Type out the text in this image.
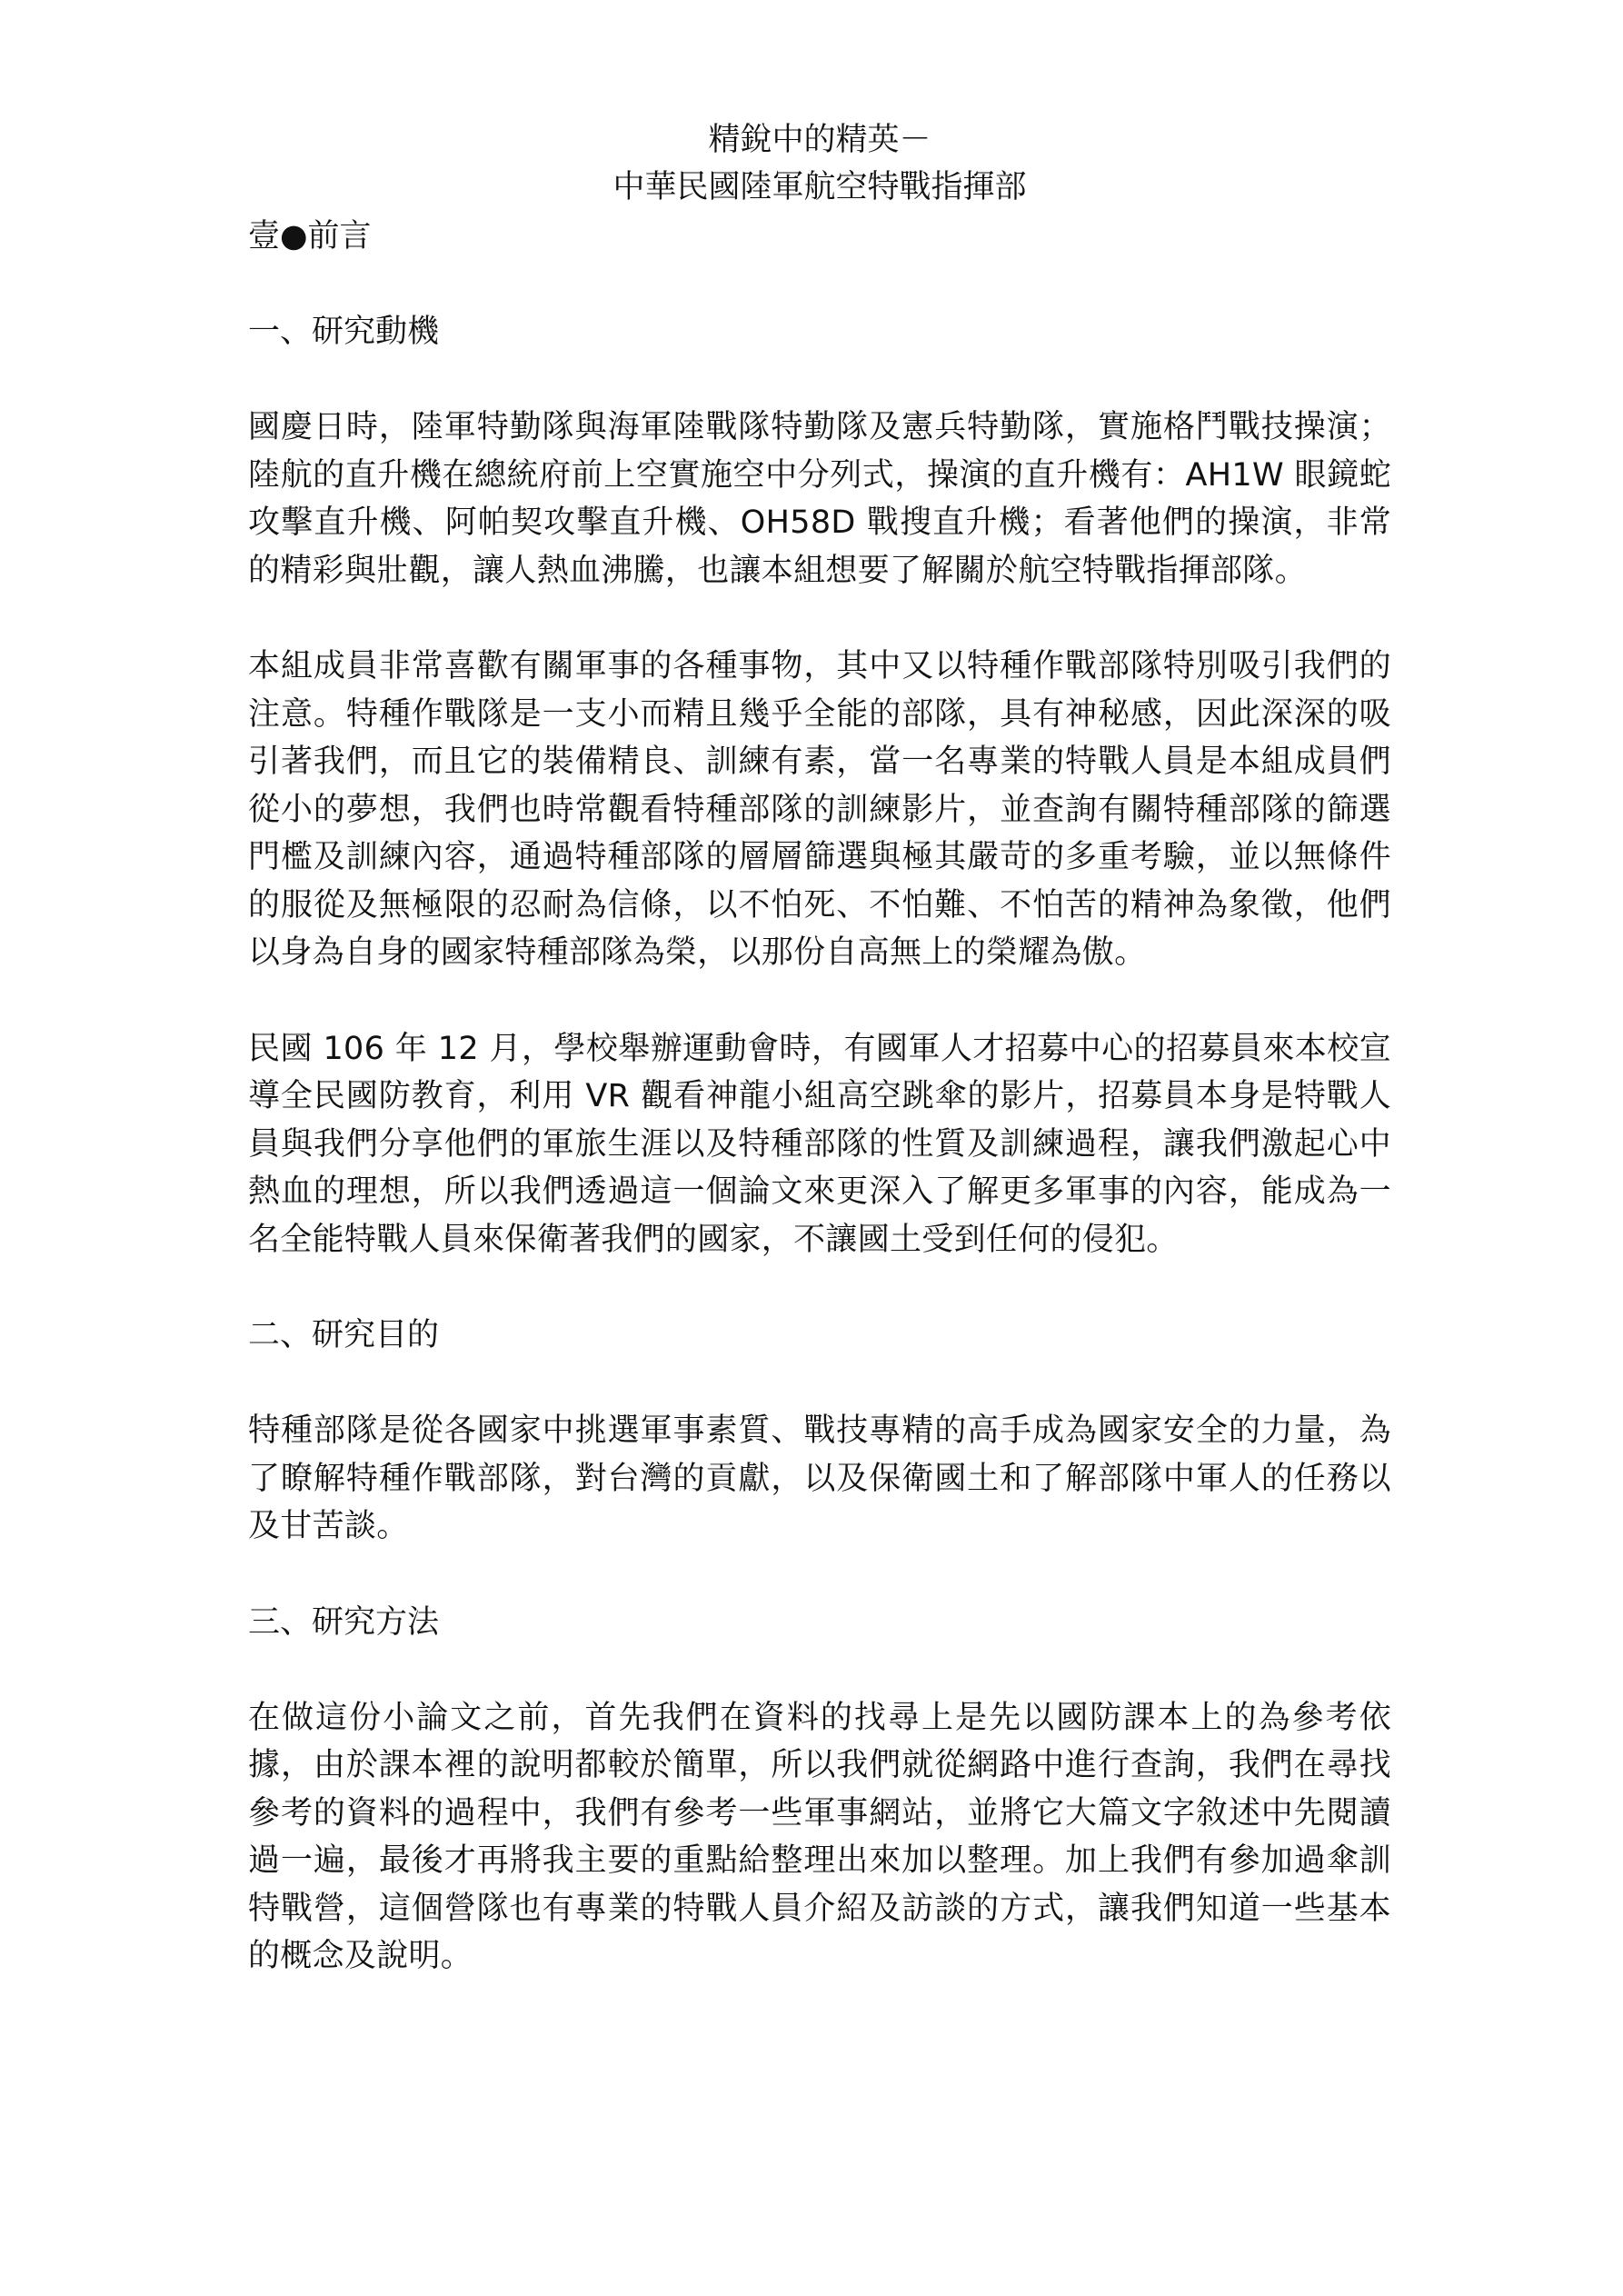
精銳中的精英－
中華民國陸軍航空特戰指揮部
壹●前言
一、研究動機

國慶日時，陸軍特勤隊與海軍陸戰隊特勤隊及憲兵特勤隊，實施格鬥戰技操演；陸航的直升機在總統府前上空實施空中分列式，操演的直升機有：AH1W 眼鏡蛇攻擊直升機、阿帕契攻擊直升機、OH58D 戰搜直升機；看著他們的操演，非常的精彩與壯觀，讓人熱血沸騰，也讓本組想要了解關於航空特戰指揮部隊。

本組成員非常喜歡有關軍事的各種事物，其中又以特種作戰部隊特別吸引我們的注意。特種作戰隊是一支小而精且幾乎全能的部隊，具有神秘感，因此深深的吸引著我們，而且它的裝備精良、訓練有素，當一名專業的特戰人員是本組成員們從小的夢想，我們也時常觀看特種部隊的訓練影片，並查詢有關特種部隊的篩選門檻及訓練內容，通過特種部隊的層層篩選與極其嚴苛的多重考驗，並以無條件的服從及無極限的忍耐為信條，以不怕死、不怕難、不怕苦的精神為象徵，他們以身為自身的國家特種部隊為榮，以那份自高無上的榮耀為傲。

民國 106 年 12 月，學校舉辦運動會時，有國軍人才招募中心的招募員來本校宣導全民國防教育，利用 VR 觀看神龍小組高空跳傘的影片，招募員本身是特戰人員與我們分享他們的軍旅生涯以及特種部隊的性質及訓練過程，讓我們激起心中熱血的理想，所以我們透過這一個論文來更深入了解更多軍事的內容，能成為一名全能特戰人員來保衛著我們的國家，不讓國土受到任何的侵犯。

二、研究目的

特種部隊是從各國家中挑選軍事素質、戰技專精的高手成為國家安全的力量，為了瞭解特種作戰部隊，對台灣的貢獻，以及保衛國土和了解部隊中軍人的任務以及甘苦談。

三、研究方法

在做這份小論文之前，首先我們在資料的找尋上是先以國防課本上的為參考依據，由於課本裡的說明都較於簡單，所以我們就從網路中進行查詢，我們在尋找參考的資料的過程中，我們有參考一些軍事網站，並將它大篇文字敘述中先閱讀過一遍，最後才再將我主要的重點給整理出來加以整理。加上我們有參加過傘訓特戰營，這個營隊也有專業的特戰人員介紹及訪談的方式，讓我們知道一些基本的概念及說明。
